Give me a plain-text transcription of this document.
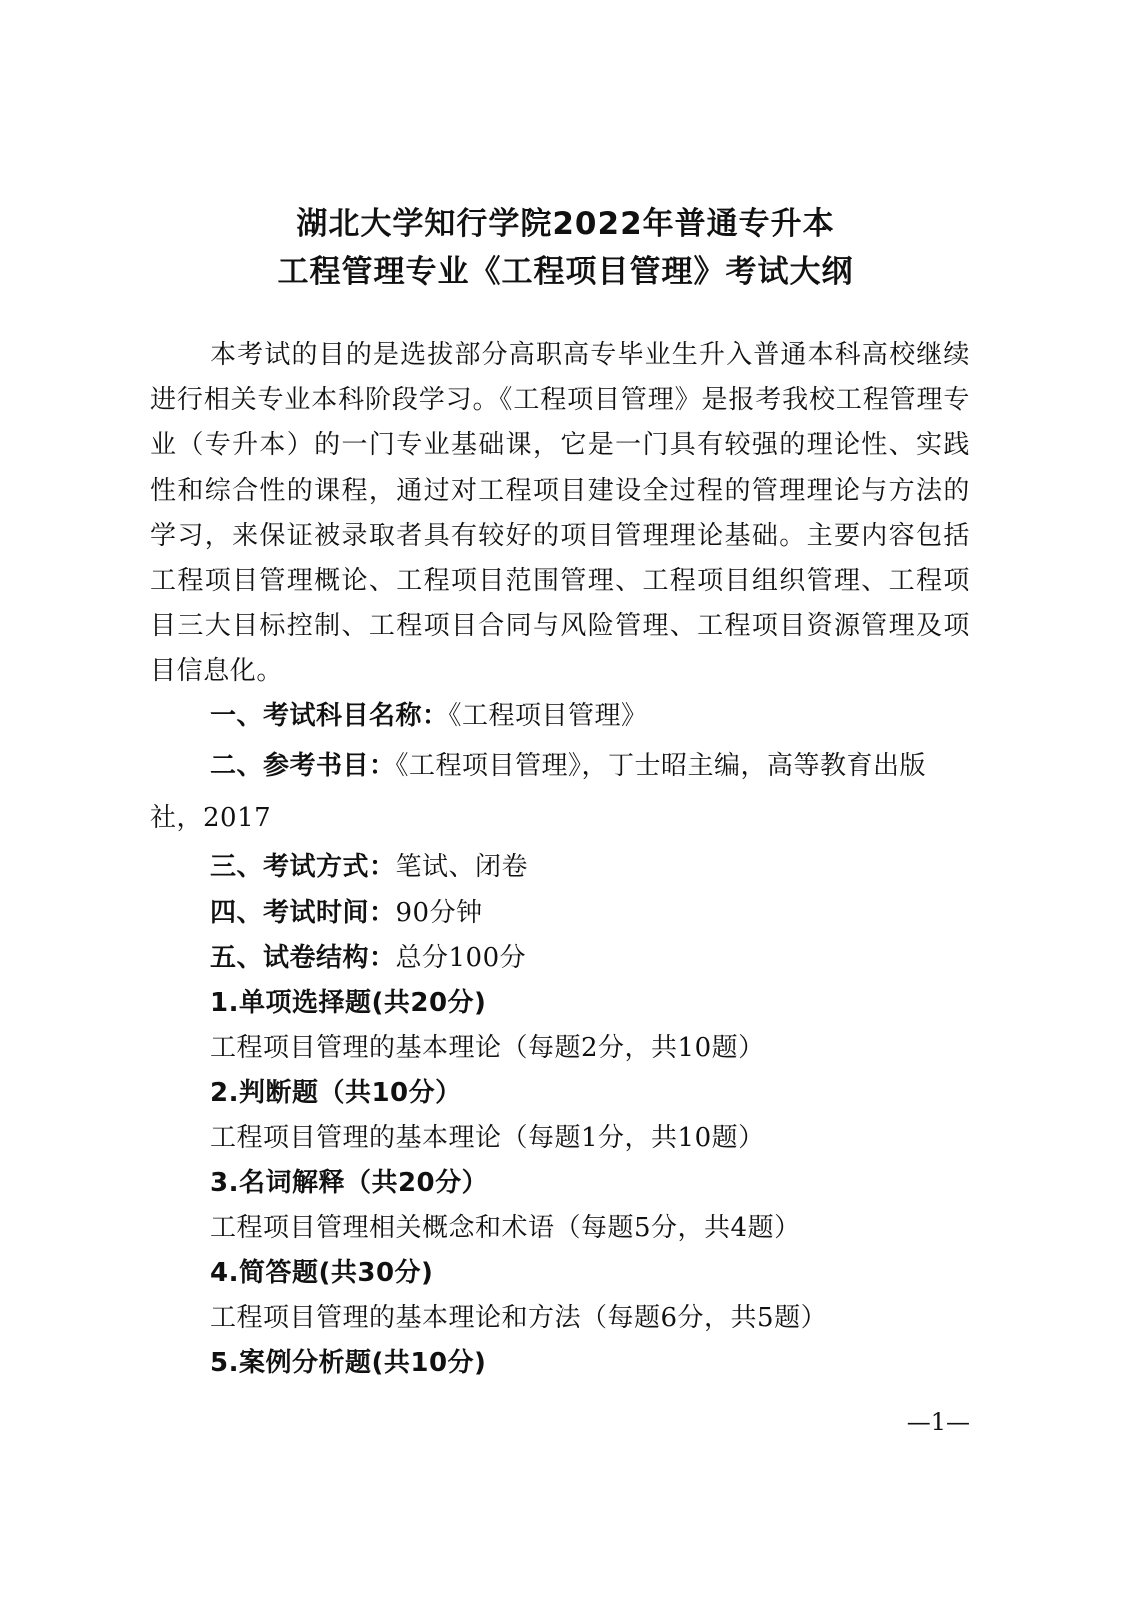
湖北大学知行学院2022年普通专升本
工程管理专业《工程项目管理》考试大纲

本考试的目的是选拔部分高职高专毕业生升入普通本科高校继续进行相关专业本科阶段学习。《工程项目管理》是报考我校工程管理专业（专升本）的一门专业基础课，它是一门具有较强的理论性、实践性和综合性的课程，通过对工程项目建设全过程的管理理论与方法的学习，来保证被录取者具有较好的项目管理理论基础。主要内容包括工程项目管理概论、工程项目范围管理、工程项目组织管理、工程项目三大目标控制、工程项目合同与风险管理、工程项目资源管理及项目信息化。

一、考试科目名称：《工程项目管理》

二、参考书目：《工程项目管理》，丁士昭主编，高等教育出版社，2017

三、考试方式：笔试、闭卷
四、考试时间：90分钟
五、试卷结构：总分100分
1.单项选择题(共20分)
工程项目管理的基本理论（每题2分，共10题）
2.判断题（共10分）
工程项目管理的基本理论（每题1分，共10题）
3.名词解释（共20分）
工程项目管理相关概念和术语（每题5分，共4题）
4.简答题(共30分)
工程项目管理的基本理论和方法（每题6分，共5题）
5.案例分析题(共10分)
—1—
